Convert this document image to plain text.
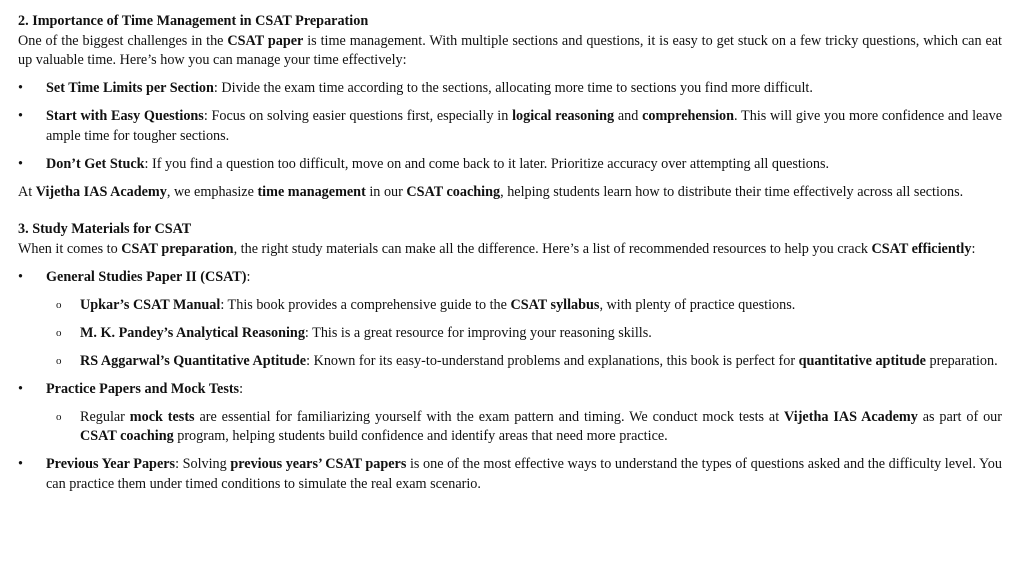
2. Importance of Time Management in CSAT Preparation

One of the biggest challenges in the CSAT paper is time management. With multiple sections and questions, it is easy to get stuck on a few tricky questions, which can eat up valuable time. Here’s how you can manage your time effectively:

•	Set Time Limits per Section: Divide the exam time according to the sections, allocating more time to sections you find more difficult.
•	Start with Easy Questions: Focus on solving easier questions first, especially in logical reasoning and comprehension. This will give you more confidence and leave ample time for tougher sections.
•	Don’t Get Stuck: If you find a question too difficult, move on and come back to it later. Prioritize accuracy over attempting all questions.

At Vijetha IAS Academy, we emphasize time management in our CSAT coaching, helping students learn how to distribute their time effectively across all sections.

3. Study Materials for CSAT

When it comes to CSAT preparation, the right study materials can make all the difference. Here’s a list of recommended resources to help you crack CSAT efficiently:

•	General Studies Paper II (CSAT):
o Upkar’s CSAT Manual: This book provides a comprehensive guide to the CSAT syllabus, with plenty of practice questions.
o M. K. Pandey’s Analytical Reasoning: This is a great resource for improving your reasoning skills.
o RS Aggarwal’s Quantitative Aptitude: Known for its easy-to-understand problems and explanations, this book is perfect for quantitative aptitude preparation.
•	Practice Papers and Mock Tests:
o Regular mock tests are essential for familiarizing yourself with the exam pattern and timing. We conduct mock tests at Vijetha IAS Academy as part of our CSAT coaching program, helping students build confidence and identify areas that need more practice.
•	Previous Year Papers: Solving previous years’ CSAT papers is one of the most effective ways to understand the types of questions asked and the difficulty level. You can practice them under timed conditions to simulate the real exam scenario.
